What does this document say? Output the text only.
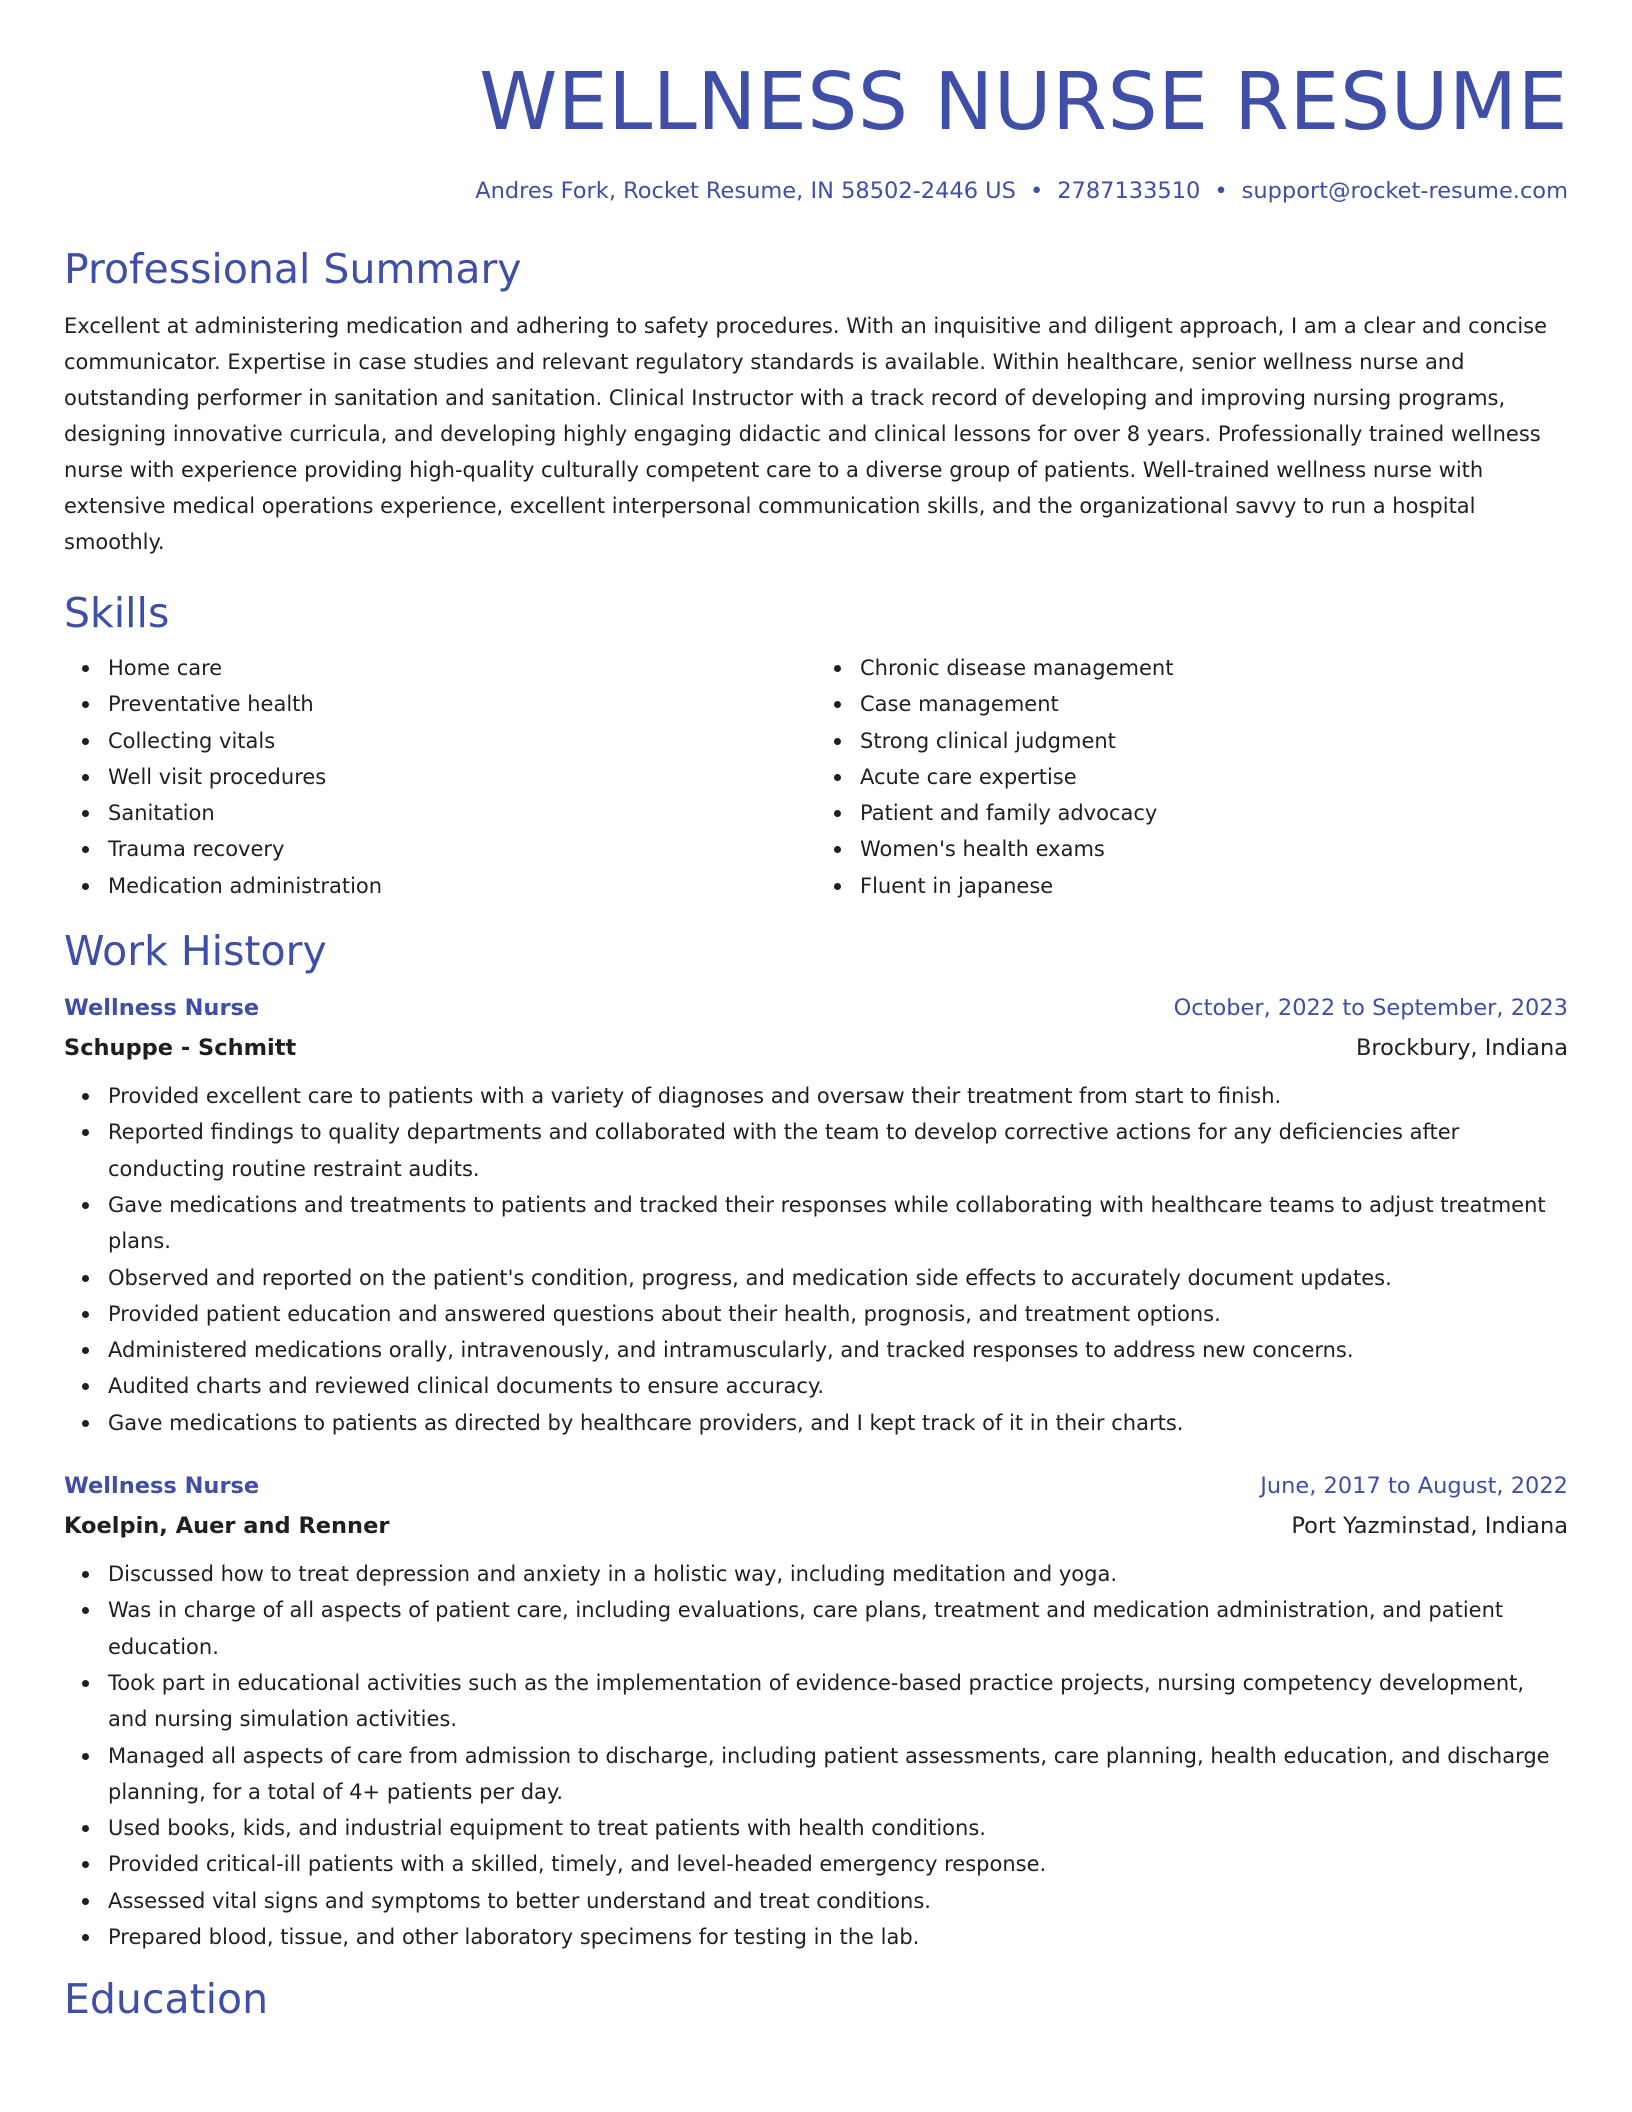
WELLNESS NURSE RESUME
Andres Fork, Rocket Resume, IN 58502-2446 US • 2787133510 • support@rocket-resume.com
Professional Summary
Excellent at administering medication and adhering to safety procedures. With an inquisitive and diligent approach, I am a clear and concise communicator. Expertise in case studies and relevant regulatory standards is available. Within healthcare, senior wellness nurse and outstanding performer in sanitation and sanitation. Clinical Instructor with a track record of developing and improving nursing programs, designing innovative curricula, and developing highly engaging didactic and clinical lessons for over 8 years. Professionally trained wellness nurse with experience providing high-quality culturally competent care to a diverse group of patients. Well-trained wellness nurse with extensive medical operations experience, excellent interpersonal communication skills, and the organizational savvy to run a hospital smoothly.
Skills
Home care
Preventative health
Collecting vitals
Well visit procedures
Sanitation
Trauma recovery
Medication administration
Chronic disease management
Case management
Strong clinical judgment
Acute care expertise
Patient and family advocacy
Women's health exams
Fluent in japanese
Work History
Wellness Nurse	October, 2022 to September, 2023
Schuppe - Schmitt	Brockbury, Indiana
Provided excellent care to patients with a variety of diagnoses and oversaw their treatment from start to finish.
Reported findings to quality departments and collaborated with the team to develop corrective actions for any deficiencies after conducting routine restraint audits.
Gave medications and treatments to patients and tracked their responses while collaborating with healthcare teams to adjust treatment plans.
Observed and reported on the patient's condition, progress, and medication side effects to accurately document updates.
Provided patient education and answered questions about their health, prognosis, and treatment options.
Administered medications orally, intravenously, and intramuscularly, and tracked responses to address new concerns.
Audited charts and reviewed clinical documents to ensure accuracy.
Gave medications to patients as directed by healthcare providers, and I kept track of it in their charts.
Wellness Nurse	June, 2017 to August, 2022
Koelpin, Auer and Renner	Port Yazminstad, Indiana
Discussed how to treat depression and anxiety in a holistic way, including meditation and yoga.
Was in charge of all aspects of patient care, including evaluations, care plans, treatment and medication administration, and patient education.
Took part in educational activities such as the implementation of evidence-based practice projects, nursing competency development, and nursing simulation activities.
Managed all aspects of care from admission to discharge, including patient assessments, care planning, health education, and discharge planning, for a total of 4+ patients per day.
Used books, kids, and industrial equipment to treat patients with health conditions.
Provided critical-ill patients with a skilled, timely, and level-headed emergency response.
Assessed vital signs and symptoms to better understand and treat conditions.
Prepared blood, tissue, and other laboratory specimens for testing in the lab.
Education
